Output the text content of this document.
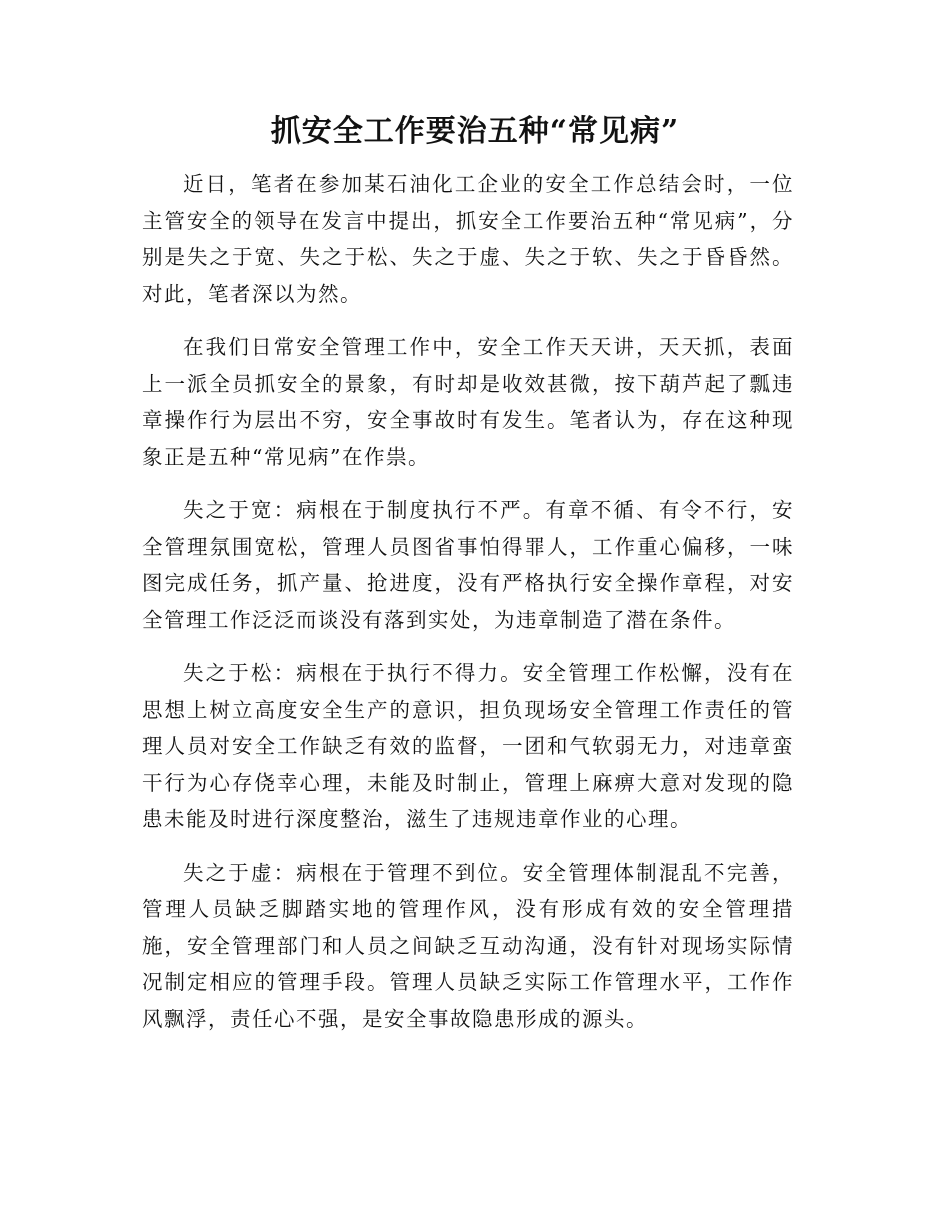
抓安全工作要治五种“常见病”

近日，笔者在参加某石油化工企业的安全工作总结会时，一位主管安全的领导在发言中提出，抓安全工作要治五种“常见病”，分别是失之于宽、失之于松、失之于虚、失之于软、失之于昏昏然。对此，笔者深以为然。

在我们日常安全管理工作中，安全工作天天讲，天天抓，表面上一派全员抓安全的景象，有时却是收效甚微，按下葫芦起了瓢违章操作行为层出不穷，安全事故时有发生。笔者认为，存在这种现象正是五种“常见病”在作祟。

失之于宽：病根在于制度执行不严。有章不循、有令不行，安全管理氛围宽松，管理人员图省事怕得罪人，工作重心偏移，一味图完成任务，抓产量、抢进度，没有严格执行安全操作章程，对安全管理工作泛泛而谈没有落到实处，为违章制造了潜在条件。

失之于松：病根在于执行不得力。安全管理工作松懈，没有在思想上树立高度安全生产的意识，担负现场安全管理工作责任的管理人员对安全工作缺乏有效的监督，一团和气软弱无力，对违章蛮干行为心存侥幸心理，未能及时制止，管理上麻痹大意对发现的隐患未能及时进行深度整治，滋生了违规违章作业的心理。

失之于虚：病根在于管理不到位。安全管理体制混乱不完善，管理人员缺乏脚踏实地的管理作风，没有形成有效的安全管理措施，安全管理部门和人员之间缺乏互动沟通，没有针对现场实际情况制定相应的管理手段。管理人员缺乏实际工作管理水平，工作作风飘浮，责任心不强，是安全事故隐患形成的源头。
